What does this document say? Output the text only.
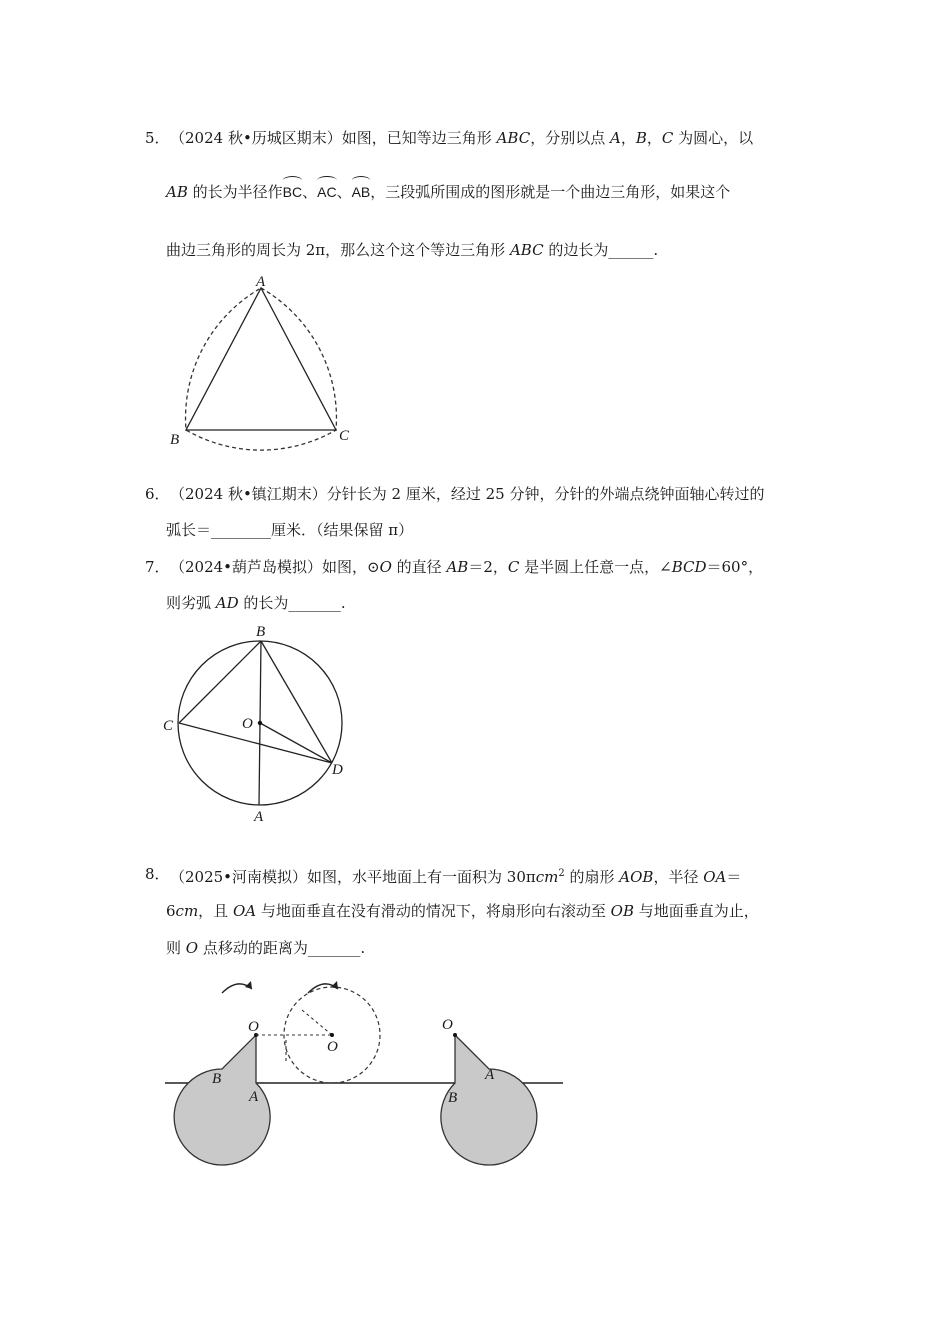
5． （2024 秋•历城区期末）如图，已知等边三角形 ABC，分别以点 A，B，C 为圆心，以
AB 的长为半径作BC、AC、AB，三段弧所围成的图形就是一个曲边三角形，如果这个
曲边三角形的周长为 2π，那么这个这个等边三角形 ABC 的边长为______.
A
B	C
6． （2024 秋•镇江期末）分针长为 2 厘米，经过 25 分钟，分针的外端点绕钟面轴心转过的
弧长＝________厘米．（结果保留 π）
7． （2024•葫芦岛模拟）如图，⊙O 的直径 AB＝2，C 是半圆上任意一点，∠BCD＝60°，
则劣弧 AD 的长为_______.
B
C	O
D
A
8． （2025•河南模拟）如图，水平地面上有一面积为 30πcm$^2$ 的扇形 AOB，半径 OA＝
6cm，且 OA 与地面垂直在没有滑动的情况下，将扇形向右滚动至 OB 与地面垂直为止，
则 O 点移动的距离为_______.
O
B
A
O
O
A
B
